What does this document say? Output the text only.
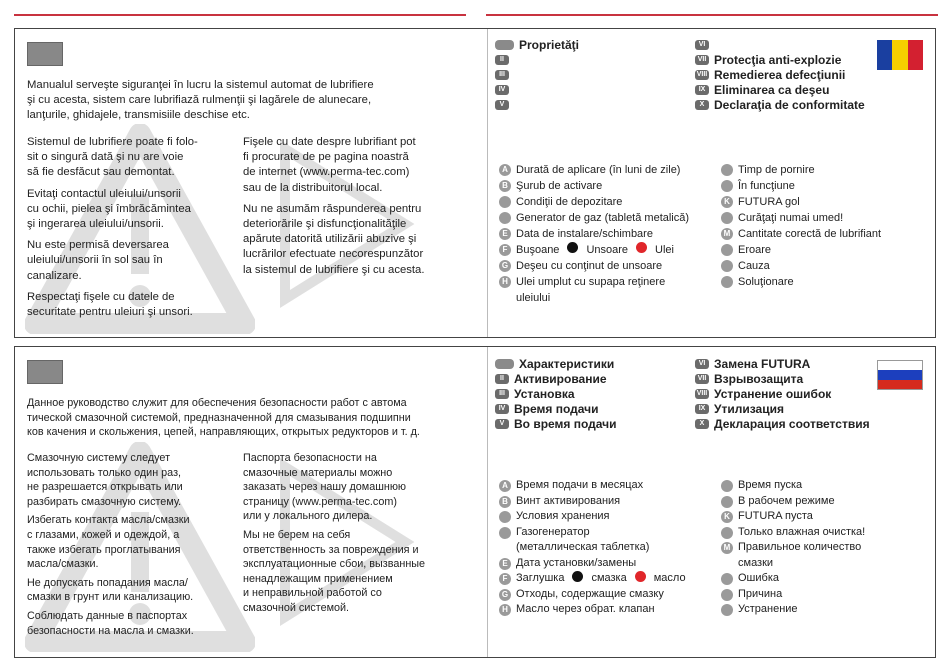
Manualul serveşte siguranţei în lucru la sistemul automat de lubrifiere
şi cu acesta, sistem care lubrifiază rulmenţii şi lagărele de alunecare,
lanţurile, ghidajele, transmisiile deschise etc.
Sistemul de lubrifiere poate fi folo-
sit o singură dată şi nu are voie
să fie desfăcut sau demontat.
Evitaţi contactul uleiului/unsorii
cu ochii, pielea şi îmbrăcămintea
şi ingerarea uleiului/unsorii.
Nu este permisă deversarea
uleiului/unsorii în sol sau în
canalizare.
Respectaţi fişele cu datele de
securitate pentru uleiuri şi unsori.
Fişele cu date despre lubrifiant pot
fi procurate de pe pagina noastră
de internet (www.perma-tec.com)
sau de la distribuitorul local.
Nu ne asumăm răspunderea pentru
deteriorările şi disfuncţionalităţile
apărute datorită utilizării abuzive şi
lucrărilor efectuate necorespunzător
la sistemul de lubrifiere şi cu acesta.
Proprietăţi
II
III
IV
V
VI
VII Protecţia anti-explozie
VIII Remedierea defecţiunii
IX Eliminarea ca deşeu
X Declaraţia de conformitate
A Durată de aplicare (în luni de zile)
B Şurub de activare
Condiţii de depozitare
Generator de gaz (tabletă metalică)
E Data de instalare/schimbare
F Buşoane Unsoare Ulei
G Deşeu cu conţinut de unsoare
H Ulei umplut cu supapa reţinere
uleiului
Timp de pornire
În funcţiune
K FUTURA gol
Curăţaţi numai umed!
M Cantitate corectă de lubrifiant
Eroare
Cauza
Soluţionare
Данное руководство служит для обеспечения безопасности работ с автома
тической смазочной системой, предназначенной для смазывания подшипни
ков качения и скольжения, цепей, направляющих, открытых редукторов и т. д.
Смазочную систему следует
использовать только один раз,
не разрешается открывать или
разбирать смазочную систему.
Избегать контакта масла/смазки
с глазами, кожей и одеждой, а
также избегать проглатывания
масла/смазки.
Не допускать попадания масла/
смазки в грунт или канализацию.
Соблюдать данные в паспортах
безопасности на масла и смазки.
Паспорта безопасности на
смазочные материалы можно
заказать через нашу домашнюю
страницу (www.perma-tec.com)
или у локального дилера.
Мы не берем на себя
ответственность за повреждения и
эксплуатационные сбои, вызванные
ненадлежащим применением
и неправильной работой со
смазочной системой.
Характеристики
II Активирование
III Установка
IV Время подачи
V Во время подачи
VI Замена FUTURA
VII Взрывозащита
VIII Устранение ошибок
IX Утилизация
X Декларация соответствия
A Время подачи в месяцах
B Винт активирования
Условия хранения
Газогенератор
(металлическая таблетка)
E Дата установки/замены
F Заглушка смазка масло
G Отходы, содержащие смазку
H Масло через обрат. клапан
Время пуска
В рабочем режиме
K FUTURA пуста
Только влажная очистка!
M Правильное количество
смазки
Ошибка
Причина
Устранение
